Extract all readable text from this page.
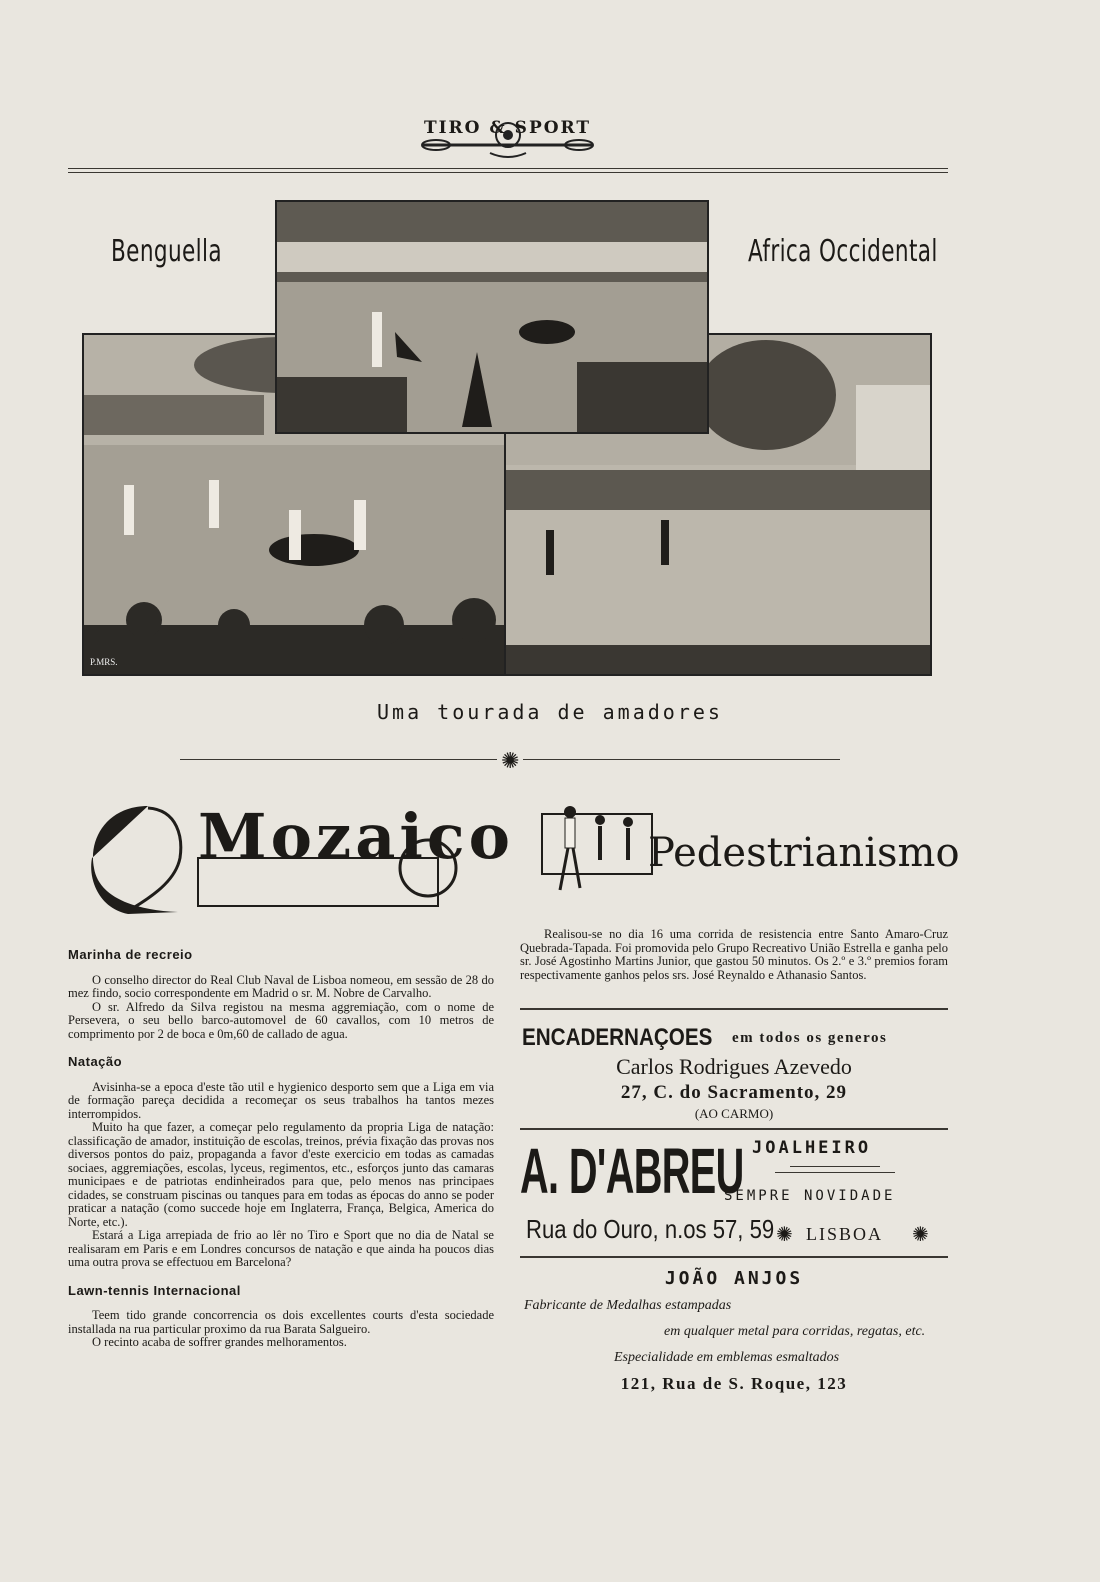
TIRO & SPORT
Benguella	Africa Occidental
P.MRS.
Uma tourada de amadores
✺
Mozaico
Marinha de recreio

O conselho director do Real Club Naval de Lisboa nomeou, em sessão de 28 do mez findo, socio correspondente em Madrid o sr. M. Nobre de Carvalho.

O sr. Alfredo da Silva registou na mesma aggremiação, com o nome de Persevera, o seu bello barco-automovel de 60 cavallos, com 10 metros de comprimento por 2 de boca e 0m,60 de callado de agua.

Natação

Avisinha-se a epoca d'este tão util e hygienico desporto sem que a Liga em via de formação pareça decidida a recomeçar os seus trabalhos ha tantos mezes interrompidos.

Muito ha que fazer, a começar pelo regulamento da propria Liga de natação: classificação de amador, instituição de escolas, treinos, prévia fixação das provas nos diversos pontos do paiz, propaganda a favor d'este exercicio em todas as camadas sociaes, aggremiações, escolas, lyceus, regimentos, etc., esforços junto das camaras municipaes e de patriotas endinheirados para que, pelo menos nas principaes cidades, se construam piscinas ou tanques para em todas as épocas do anno se poder praticar a natação (como succede hoje em Inglaterra, França, Belgica, America do Norte, etc.).

Estará a Liga arrepiada de frio ao lêr no Tiro e Sport que no dia de Natal se realisaram em Paris e em Londres concursos de natação e que ainda ha poucos dias uma outra prova se effectuou em Barcelona?

Lawn-tennis Internacional

Teem tido grande concorrencia os dois excellentes courts d'esta sociedade installada na rua particular proximo da rua Barata Salgueiro.

O recinto acaba de soffrer grandes melhoramentos.

Pedestrianismo

Realisou-se no dia 16 uma corrida de resistencia entre Santo Amaro-Cruz Quebrada-Tapada. Foi promovida pelo Grupo Recreativo União Estrella e ganha pelo sr. José Agostinho Martins Junior, que gastou 50 minutos. Os 2.º e 3.º premios foram respectivamente ganhos pelos srs. José Reynaldo e Athanasio Santos.

ENCADERNAÇOES	em todos os generos
Carlos Rodrigues Azevedo
27, C. do Sacramento, 29
(AO CARMO)
A. D'ABREU JOALHEIRO
SEMPRE NOVIDADE
Rua do Ouro, n.os 57, 59 ✺ LISBOA ✺
JOÃO ANJOS
Fabricante de Medalhas estampadas
em qualquer metal para corridas, regatas, etc.
Especialidade em emblemas esmaltados
121, Rua de S. Roque, 123
